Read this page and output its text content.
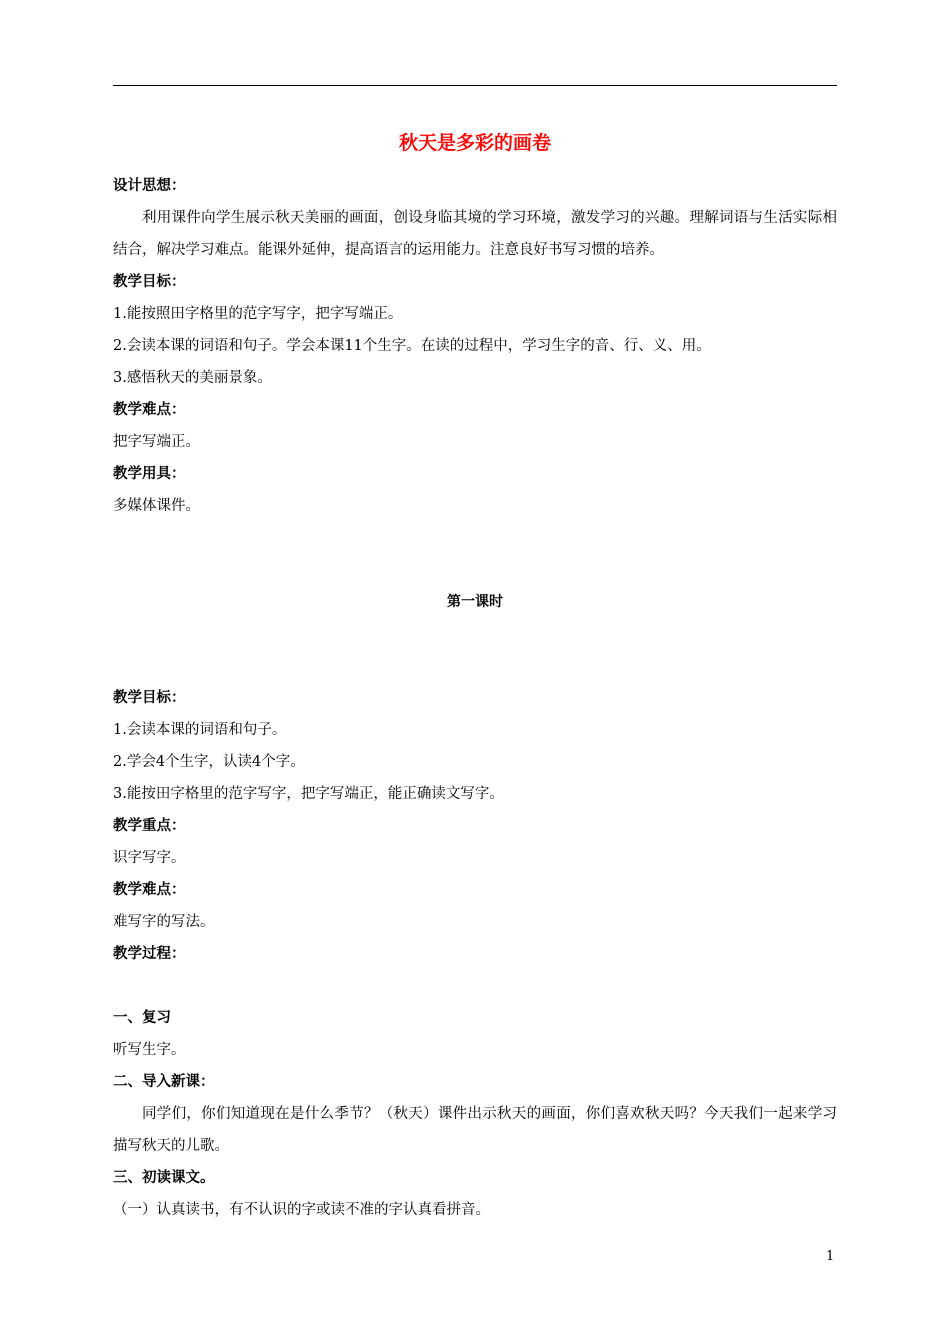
秋天是多彩的画卷
设计思想：

利用课件向学生展示秋天美丽的画面，创设身临其境的学习环境，激发学习的兴趣。理解词语与生活实际相结合，解决学习难点。能课外延伸，提高语言的运用能力。注意良好书写习惯的培养。

教学目标：
1.能按照田字格里的范字写字，把字写端正。
2.会读本课的词语和句子。学会本课11个生字。在读的过程中，学习生字的音、行、义、用。
3.感悟秋天的美丽景象。
教学难点：
把字写端正。
教学用具：
多媒体课件。
第一课时
教学目标：
1.会读本课的词语和句子。
2.学会4个生字，认读4个字。
3.能按田字格里的范字写字，把字写端正，能正确读文写字。
教学重点：
识字写字。
教学难点：
难写字的写法。
教学过程：
一、复习
听写生字。
二、导入新课：

同学们，你们知道现在是什么季节？（秋天）课件出示秋天的画面，你们喜欢秋天吗？今天我们一起来学习描写秋天的儿歌。

三、初读课文。
（一）认真读书，有不认识的字或读不准的字认真看拼音。
1
